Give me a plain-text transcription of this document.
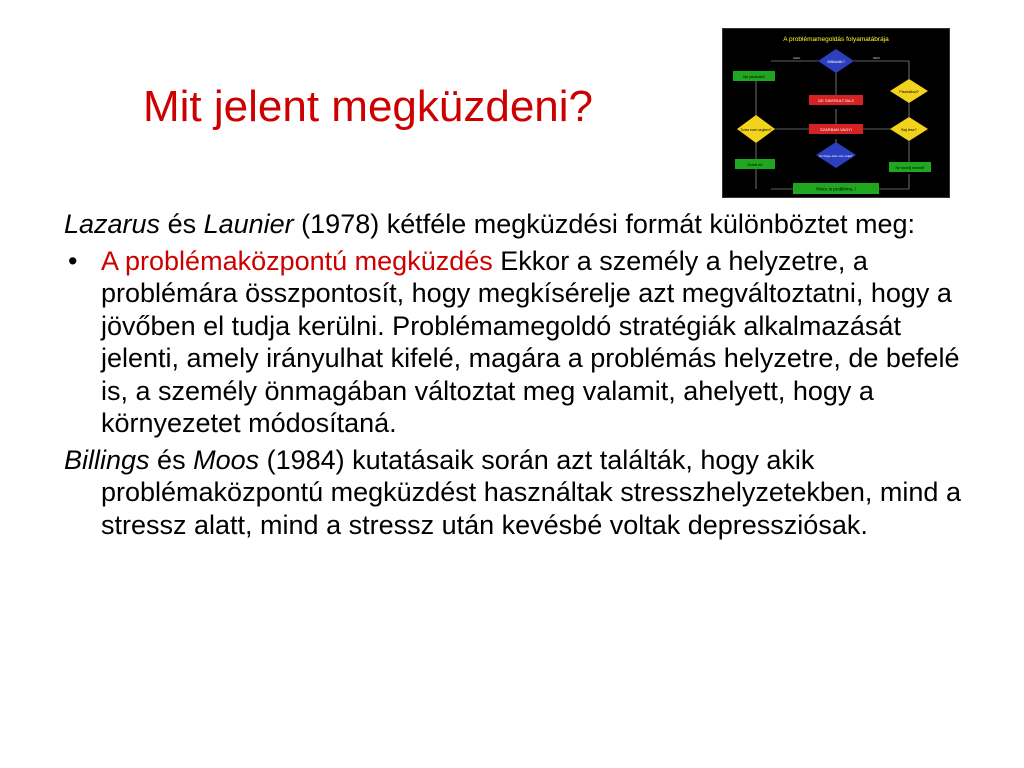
Mit jelent megküzdeni?
A problémamegoldás folyamatábrája
Működik?
Ne piszkáld!
Piszkáltad?
DE SIKERULT BAJ!
Tudsz ezen segíteni?	SZARBAN VAGY!	Baj lesz?
Ez hülye ötlet volt, tudja?
Dobd el!
Ne mondj semmit!
Nincs is probléma..!
IGEN	NEM

Lazarus és Launier (1978) kétféle megküzdési formát különböztet meg:

• A problémaközpontú megküzdés Ekkor a személy a helyzetre, a problémára összpontosít, hogy megkísérelje azt megváltoztatni, hogy a jövőben el tudja kerülni. Problémamegoldó stratégiák alkalmazását jelenti, amely irányulhat kifelé, magára a problémás helyzetre, de befelé is, a személy önmagában változtat meg valamit, ahelyett, hogy a környezetet módosítaná.

Billings és Moos (1984) kutatásaik során azt találták, hogy akik problémaközpontú megküzdést használtak stresszhelyzetekben, mind a stressz alatt, mind a stressz után kevésbé voltak depressziósak.
